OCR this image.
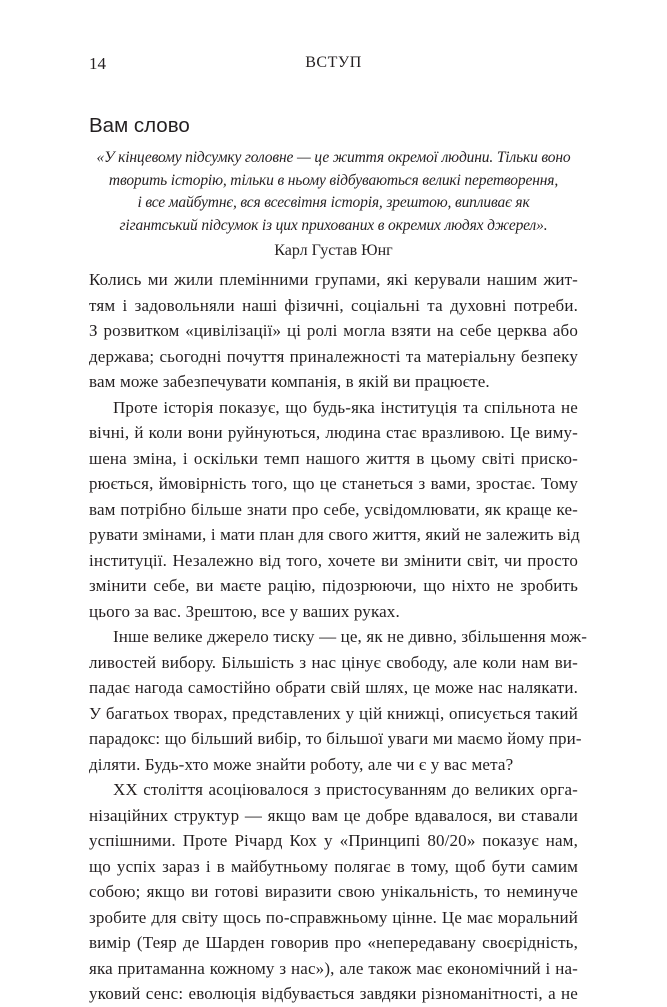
14	ВСТУП
Вам слово

«У кінцевому підсумку головне — це життя окремої людини. Тільки воно
творить історію, тільки в ньому відбуваються великі перетворення,
і все майбутнє, вся всесвітня історія, зрештою, випливає як
гігантський підсумок із цих прихованих в окремих людях джерел».

Карл Густав Юнг

Колись ми жили племінними групами, які керували нашим жит-
тям і задовольняли наші фізичні, соціальні та духовні потреби.
З розвитком «цивілізації» ці ролі могла взяти на себе церква або
держава; сьогодні почуття приналежності та матеріальну безпеку
вам може забезпечувати компанія, в якій ви працюєте.

Проте історія показує, що будь-яка інституція та спільнота не
вічні, й коли вони руйнуються, людина стає вразливою. Це виму-
шена зміна, і оскільки темп нашого життя в цьому світі приско-
рюється, ймовірність того, що це станеться з вами, зростає. Тому
вам потрібно більше знати про себе, усвідомлювати, як краще ке-
рувати змінами, і мати план для свого життя, який не залежить від
інституції. Незалежно від того, хочете ви змінити світ, чи просто
змінити себе, ви маєте рацію, підозрюючи, що ніхто не зробить
цього за вас. Зрештою, все у ваших руках.

Інше велике джерело тиску — це, як не дивно, збільшення мож-
ливостей вибору. Більшість з нас цінує свободу, але коли нам ви-
падає нагода самостійно обрати свій шлях, це може нас налякати.
У багатьох творах, представлених у цій книжці, описується такий
парадокс: що більший вибір, то більшої уваги ми маємо йому при-
діляти. Будь-хто може знайти роботу, але чи є у вас мета?

XX століття асоціювалося з пристосуванням до великих орга-
нізаційних структур — якщо вам це добре вдавалося, ви ставали
успішними. Проте Річард Кох у «Принципі 80/20» показує нам,
що успіх зараз і в майбутньому полягає в тому, щоб бути самим
собою; якщо ви готові виразити свою унікальність, то неминуче
зробите для світу щось по-справжньому цінне. Це має моральний
вимір (Теяр де Шарден говорив про «непередавану своєрідність,
яка притаманна кожному з нас»), але також має економічний і на-
уковий сенс: еволюція відбувається завдяки різноманітності, а не
